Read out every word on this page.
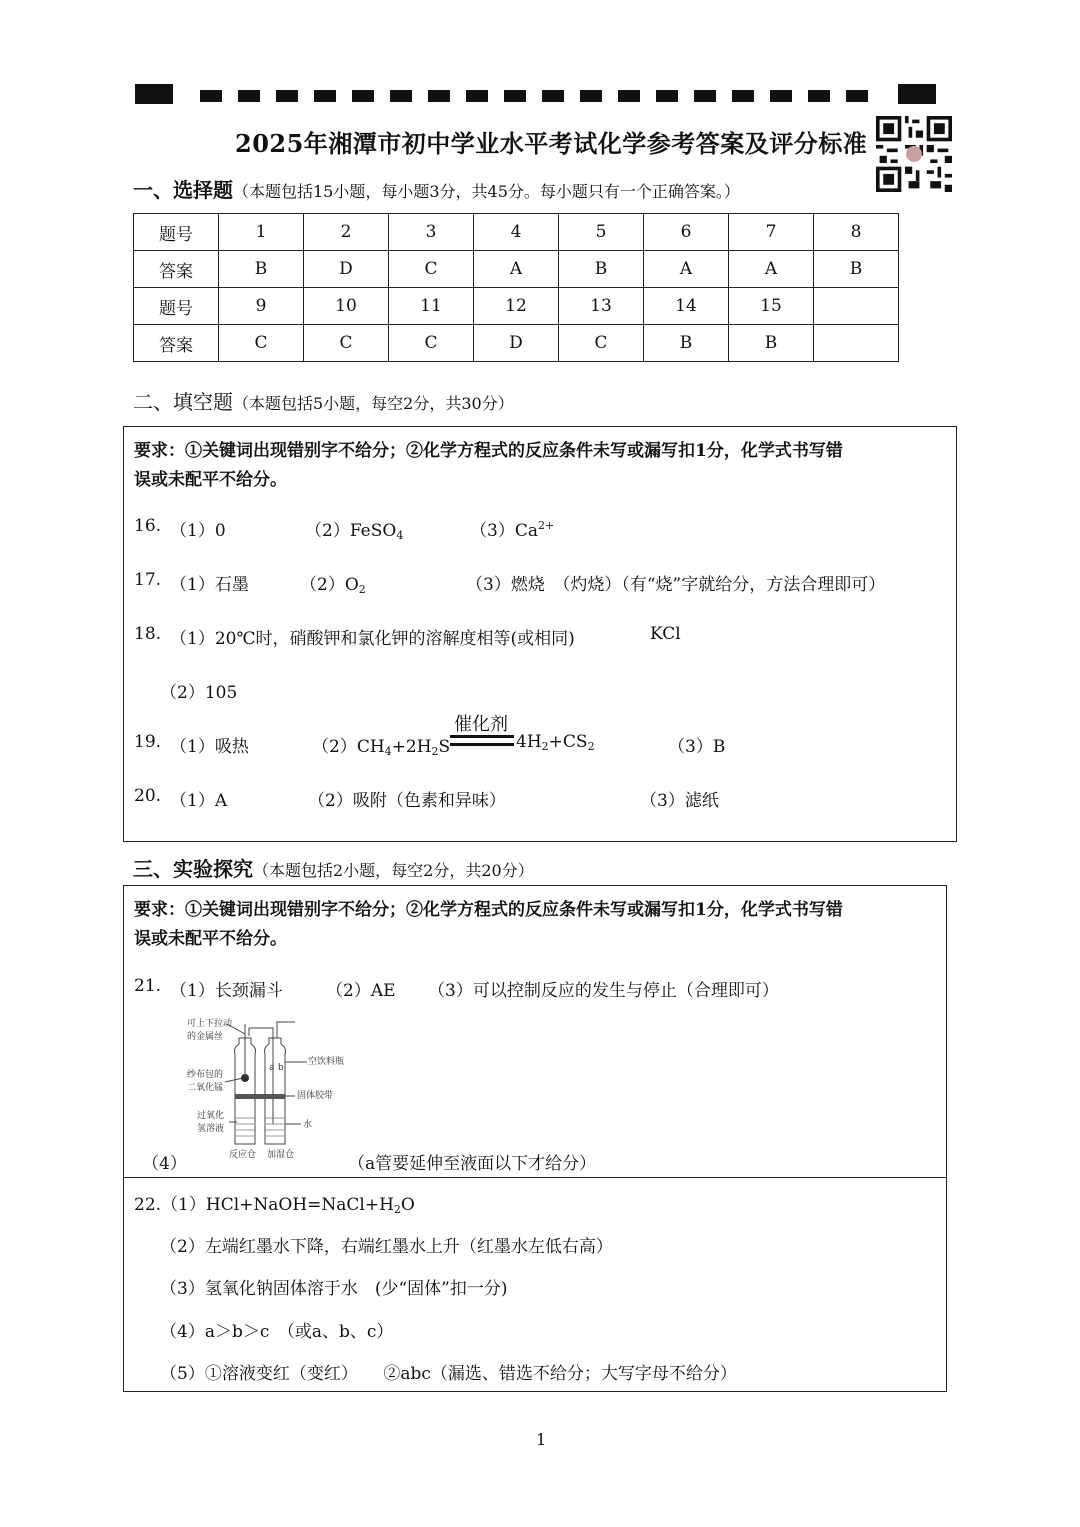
2025年湘潭市初中学业水平考试化学参考答案及评分标准
一、选择题（本题包括15小题，每小题3分，共45分。每小题只有一个正确答案。）
题号	1	2	3	4	5	6	7	8
答案	B	D	C	A	B	A	A	B
题号	9	10	11	12	13	14	15	
答案	C	C	C	D	C	B	B	
二、填空题（本题包括5小题，每空2分，共30分）
要求：①关键词出现错别字不给分；②化学方程式的反应条件未写或漏写扣1分，化学式书写错
误或未配平不给分。
16. （1）0	（2）FeSO$_4$	$(3)Ca^{2+}$
17. （1）石墨	$(2)O_2$	（3）燃烧　（灼烧）（有“烧”字就给分，方法合理即可）
18. （1）20℃时，硝酸钾和氯化钾的溶解度相等(或相同)	KCl
（2）105
19. （1）吸热	$(2)CH_4+2H_2S$
催化剂
$4H_2+CS_2$	（3）B
20. （1）A	（2）吸附（色素和异味）	（3）滤纸
三、实验探究（本题包括2小题，每空2分，共20分）
要求：①关键词出现错别字不给分；②化学方程式的反应条件未写或漏写扣1分，化学式书写错
误或未配平不给分。
21. （1）长颈漏斗	（2）AE （3）可以控制反应的发生与停止（合理即可）
可上下拉动
的金属丝
纱布包的
二氧化锰
过氧化
氢溶液
空饮料瓶
固体胶带
水
反应仓 加湿仓
a b
（4）	（a管要延伸至液面以下才给分）
$22.(1)HCl+NaOH=NaCl+H_2O$
（2）左端红墨水下降，右端红墨水上升（红墨水左低右高）
（3）氢氧化钠固体溶于水　(少“固体”扣一分)
（4）a＞b＞c　（或a、b、c）
（5）①溶液变红（变红）　　②abc（漏选、错选不给分；大写字母不给分）
1
